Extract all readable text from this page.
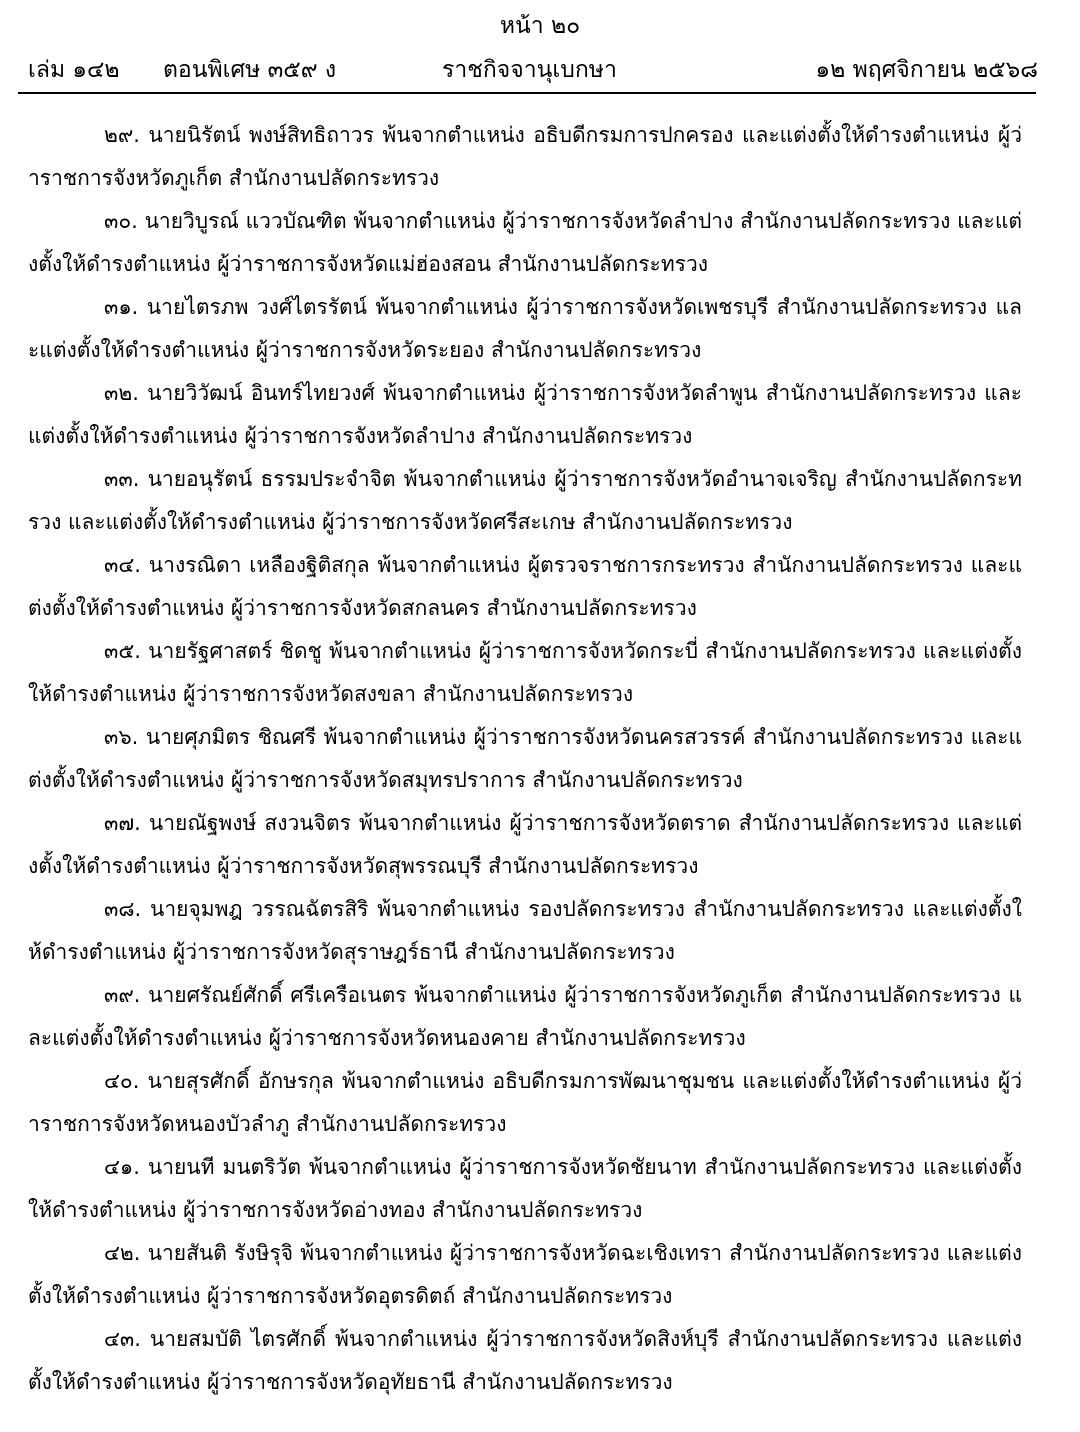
หน้า ๒๐
เล่ม ๑๔๒ ตอนพิเศษ ๓๕๙ ง	ราชกิจจานุเบกษา	๑๒ พฤศจิกายน ๒๕๖๘

๒๙. นายนิรัตน์ พงษ์สิทธิถาวร พ้นจากตำแหน่ง อธิบดีกรมการปกครอง และแต่งตั้งให้ดำรงตำแหน่ง ผู้ว่าราชการจังหวัดภูเก็ต สำนักงานปลัดกระทรวง

๓๐. นายวิบูรณ์ แววบัณฑิต พ้นจากตำแหน่ง ผู้ว่าราชการจังหวัดลำปาง สำนักงานปลัดกระทรวง และแต่งตั้งให้ดำรงตำแหน่ง ผู้ว่าราชการจังหวัดแม่ฮ่องสอน สำนักงานปลัดกระทรวง

๓๑. นายไตรภพ วงศ์ไตรรัตน์ พ้นจากตำแหน่ง ผู้ว่าราชการจังหวัดเพชรบุรี สำนักงานปลัดกระทรวง และแต่งตั้งให้ดำรงตำแหน่ง ผู้ว่าราชการจังหวัดระยอง สำนักงานปลัดกระทรวง

๓๒. นายวิวัฒน์ อินทร์ไทยวงศ์ พ้นจากตำแหน่ง ผู้ว่าราชการจังหวัดลำพูน สำนักงานปลัดกระทรวง และแต่งตั้งให้ดำรงตำแหน่ง ผู้ว่าราชการจังหวัดลำปาง สำนักงานปลัดกระทรวง

๓๓. นายอนุรัตน์ ธรรมประจำจิต พ้นจากตำแหน่ง ผู้ว่าราชการจังหวัดอำนาจเจริญ สำนักงานปลัดกระทรวง และแต่งตั้งให้ดำรงตำแหน่ง ผู้ว่าราชการจังหวัดศรีสะเกษ สำนักงานปลัดกระทรวง

๓๔. นางรณิดา เหลืองฐิติสกุล พ้นจากตำแหน่ง ผู้ตรวจราชการกระทรวง สำนักงานปลัดกระทรวง และแต่งตั้งให้ดำรงตำแหน่ง ผู้ว่าราชการจังหวัดสกลนคร สำนักงานปลัดกระทรวง

๓๕. นายรัฐศาสตร์ ชิดชู พ้นจากตำแหน่ง ผู้ว่าราชการจังหวัดกระบี่ สำนักงานปลัดกระทรวง และแต่งตั้งให้ดำรงตำแหน่ง ผู้ว่าราชการจังหวัดสงขลา สำนักงานปลัดกระทรวง

๓๖. นายศุภมิตร ชิณศรี พ้นจากตำแหน่ง ผู้ว่าราชการจังหวัดนครสวรรค์ สำนักงานปลัดกระทรวง และแต่งตั้งให้ดำรงตำแหน่ง ผู้ว่าราชการจังหวัดสมุทรปราการ สำนักงานปลัดกระทรวง

๓๗. นายณัฐพงษ์ สงวนจิตร พ้นจากตำแหน่ง ผู้ว่าราชการจังหวัดตราด สำนักงานปลัดกระทรวง และแต่งตั้งให้ดำรงตำแหน่ง ผู้ว่าราชการจังหวัดสุพรรณบุรี สำนักงานปลัดกระทรวง

๓๘. นายจุมพฎ วรรณฉัตรสิริ พ้นจากตำแหน่ง รองปลัดกระทรวง สำนักงานปลัดกระทรวง และแต่งตั้งให้ดำรงตำแหน่ง ผู้ว่าราชการจังหวัดสุราษฎร์ธานี สำนักงานปลัดกระทรวง

๓๙. นายศรัณย์ศักดิ์ ศรีเครือเนตร พ้นจากตำแหน่ง ผู้ว่าราชการจังหวัดภูเก็ต สำนักงานปลัดกระทรวง และแต่งตั้งให้ดำรงตำแหน่ง ผู้ว่าราชการจังหวัดหนองคาย สำนักงานปลัดกระทรวง

๔๐. นายสุรศักดิ์ อักษรกุล พ้นจากตำแหน่ง อธิบดีกรมการพัฒนาชุมชน และแต่งตั้งให้ดำรงตำแหน่ง ผู้ว่าราชการจังหวัดหนองบัวลำภู สำนักงานปลัดกระทรวง

๔๑. นายนที มนตริวัต พ้นจากตำแหน่ง ผู้ว่าราชการจังหวัดชัยนาท สำนักงานปลัดกระทรวง และแต่งตั้งให้ดำรงตำแหน่ง ผู้ว่าราชการจังหวัดอ่างทอง สำนักงานปลัดกระทรวง

๔๒. นายสันติ รังษิรุจิ พ้นจากตำแหน่ง ผู้ว่าราชการจังหวัดฉะเชิงเทรา สำนักงานปลัดกระทรวง และแต่งตั้งให้ดำรงตำแหน่ง ผู้ว่าราชการจังหวัดอุตรดิตถ์ สำนักงานปลัดกระทรวง

๔๓. นายสมบัติ ไตรศักดิ์ พ้นจากตำแหน่ง ผู้ว่าราชการจังหวัดสิงห์บุรี สำนักงานปลัดกระทรวง และแต่งตั้งให้ดำรงตำแหน่ง ผู้ว่าราชการจังหวัดอุทัยธานี สำนักงานปลัดกระทรวง
